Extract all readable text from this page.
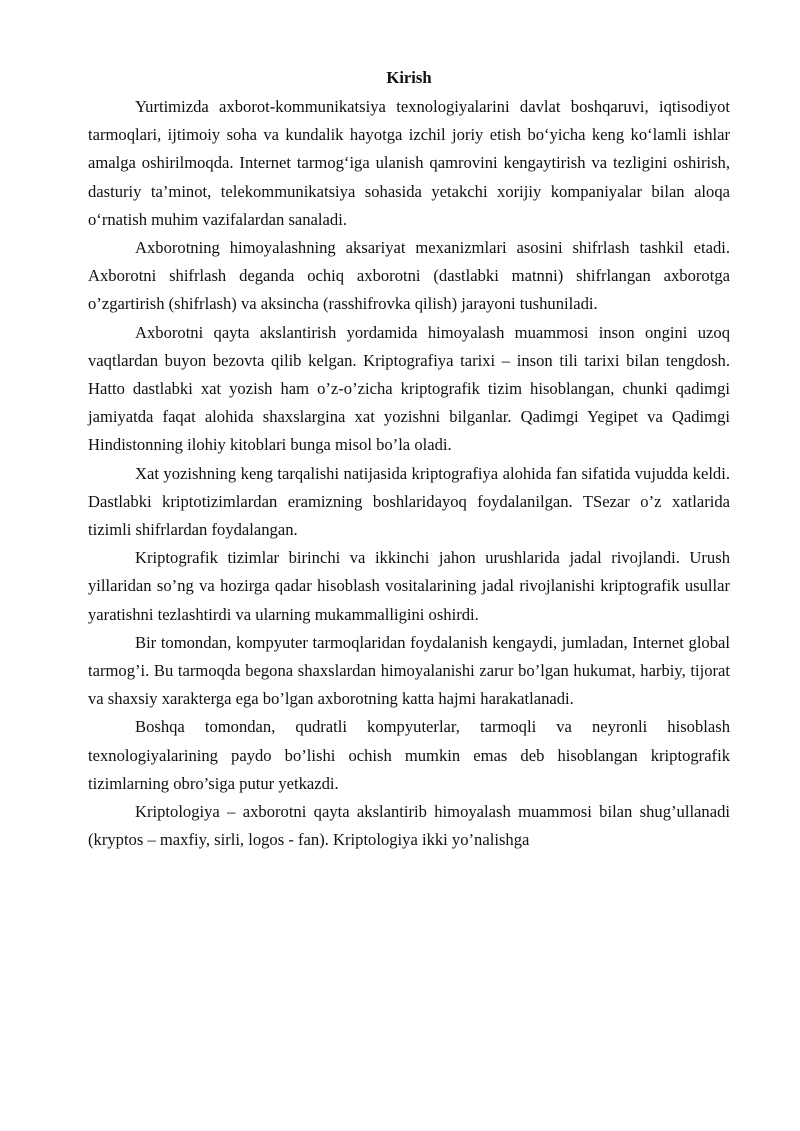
Kirish

Yurtimizda axborot-kommunikatsiya texnologiyalarini davlat boshqaruvi, iqtisodiyot tarmoqlari, ijtimoiy soha va kundalik hayotga izchil joriy etish bo‘yicha keng ko‘lamli ishlar amalga oshirilmoqda. Internet tarmog‘iga ulanish qamrovini kengaytirish va tezligini oshirish, dasturiy ta’minot, telekommunikatsiya sohasida yetakchi xorijiy kompaniyalar bilan aloqa o‘rnatish muhim vazifalardan sanaladi.

Axborotning himoyalashning aksariyat mexanizmlari asosini shifrlash tashkil etadi. Axborotni shifrlash deganda ochiq axborotni (dastlabki matnni) shifrlangan axborotga o’zgartirish (shifrlash) va aksincha (rasshifrovka qilish) jarayoni tushuniladi.

Axborotni qayta akslantirish yordamida himoyalash muammosi inson ongini uzoq vaqtlardan buyon bezovta qilib kelgan. Kriptografiya tarixi – inson tili tarixi bilan tengdosh. Hatto dastlabki xat yozish ham o’z-o’zicha kriptografik tizim hisoblangan, chunki qadimgi jamiyatda faqat alohida shaxslargina xat yozishni bilganlar. Qadimgi Yegipet va Qadimgi Hindistonning ilohiy kitoblari bunga misol bo’la oladi.

Xat yozishning keng tarqalishi natijasida kriptografiya alohida fan sifatida vujudda keldi. Dastlabki kriptotizimlardan eramizning boshlaridayoq foydalanilgan. TSezar o’z xatlarida tizimli shifrlardan foydalangan.

Kriptografik tizimlar birinchi va ikkinchi jahon urushlarida jadal rivojlandi. Urush yillaridan so’ng va hozirga qadar hisoblash vositalarining jadal rivojlanishi kriptografik usullar yaratishni tezlashtirdi va ularning mukammalligini oshirdi.

Bir tomondan, kompyuter tarmoqlaridan foydalanish kengaydi, jumladan, Internet global tarmog’i. Bu tarmoqda begona shaxslardan himoyalanishi zarur bo’lgan hukumat, harbiy, tijorat va shaxsiy xarakterga ega bo’lgan axborotning katta hajmi harakatlanadi.

Boshqa tomondan, qudratli kompyuterlar, tarmoqli va neyronli hisoblash texnologiyalarining paydo bo’lishi ochish mumkin emas deb hisoblangan kriptografik tizimlarning obro’siga putur yetkazdi.

Kriptologiya – axborotni qayta akslantirib himoyalash muammosi bilan shug’ullanadi (kryptos – maxfiy, sirli, logos - fan). Kriptologiya ikki yo’nalishga
